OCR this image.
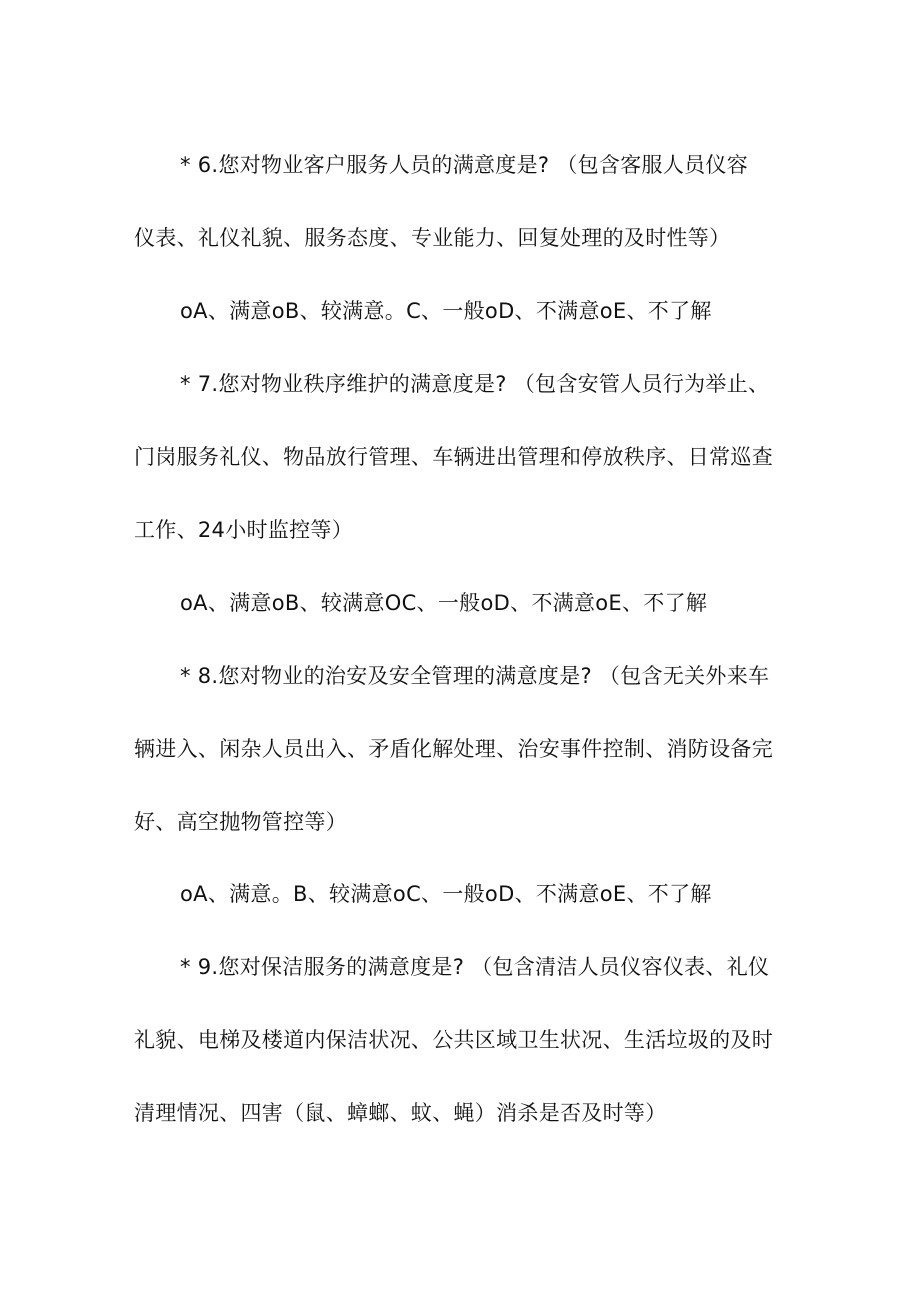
* 6.您对物业客户服务人员的满意度是? （包含客服人员仪容
仪表、礼仪礼貌、服务态度、专业能力、回复处理的及时性等）
oA、满意oB、较满意。C、一般oD、不满意oE、不了解
* 7.您对物业秩序维护的满意度是? （包含安管人员行为举止、
门岗服务礼仪、物品放行管理、车辆进出管理和停放秩序、日常巡查
工作、24小时监控等）
oA、满意oB、较满意OC、一般oD、不满意oE、不了解
* 8.您对物业的治安及安全管理的满意度是? （包含无关外来车
辆进入、闲杂人员出入、矛盾化解处理、治安事件控制、消防设备完
好、高空抛物管控等）
oA、满意。B、较满意oC、一般oD、不满意oE、不了解
* 9.您对保洁服务的满意度是? （包含清洁人员仪容仪表、礼仪
礼貌、电梯及楼道内保洁状况、公共区域卫生状况、生活垃圾的及时
清理情况、四害（鼠、蟑螂、蚊、蝇）消杀是否及时等）
